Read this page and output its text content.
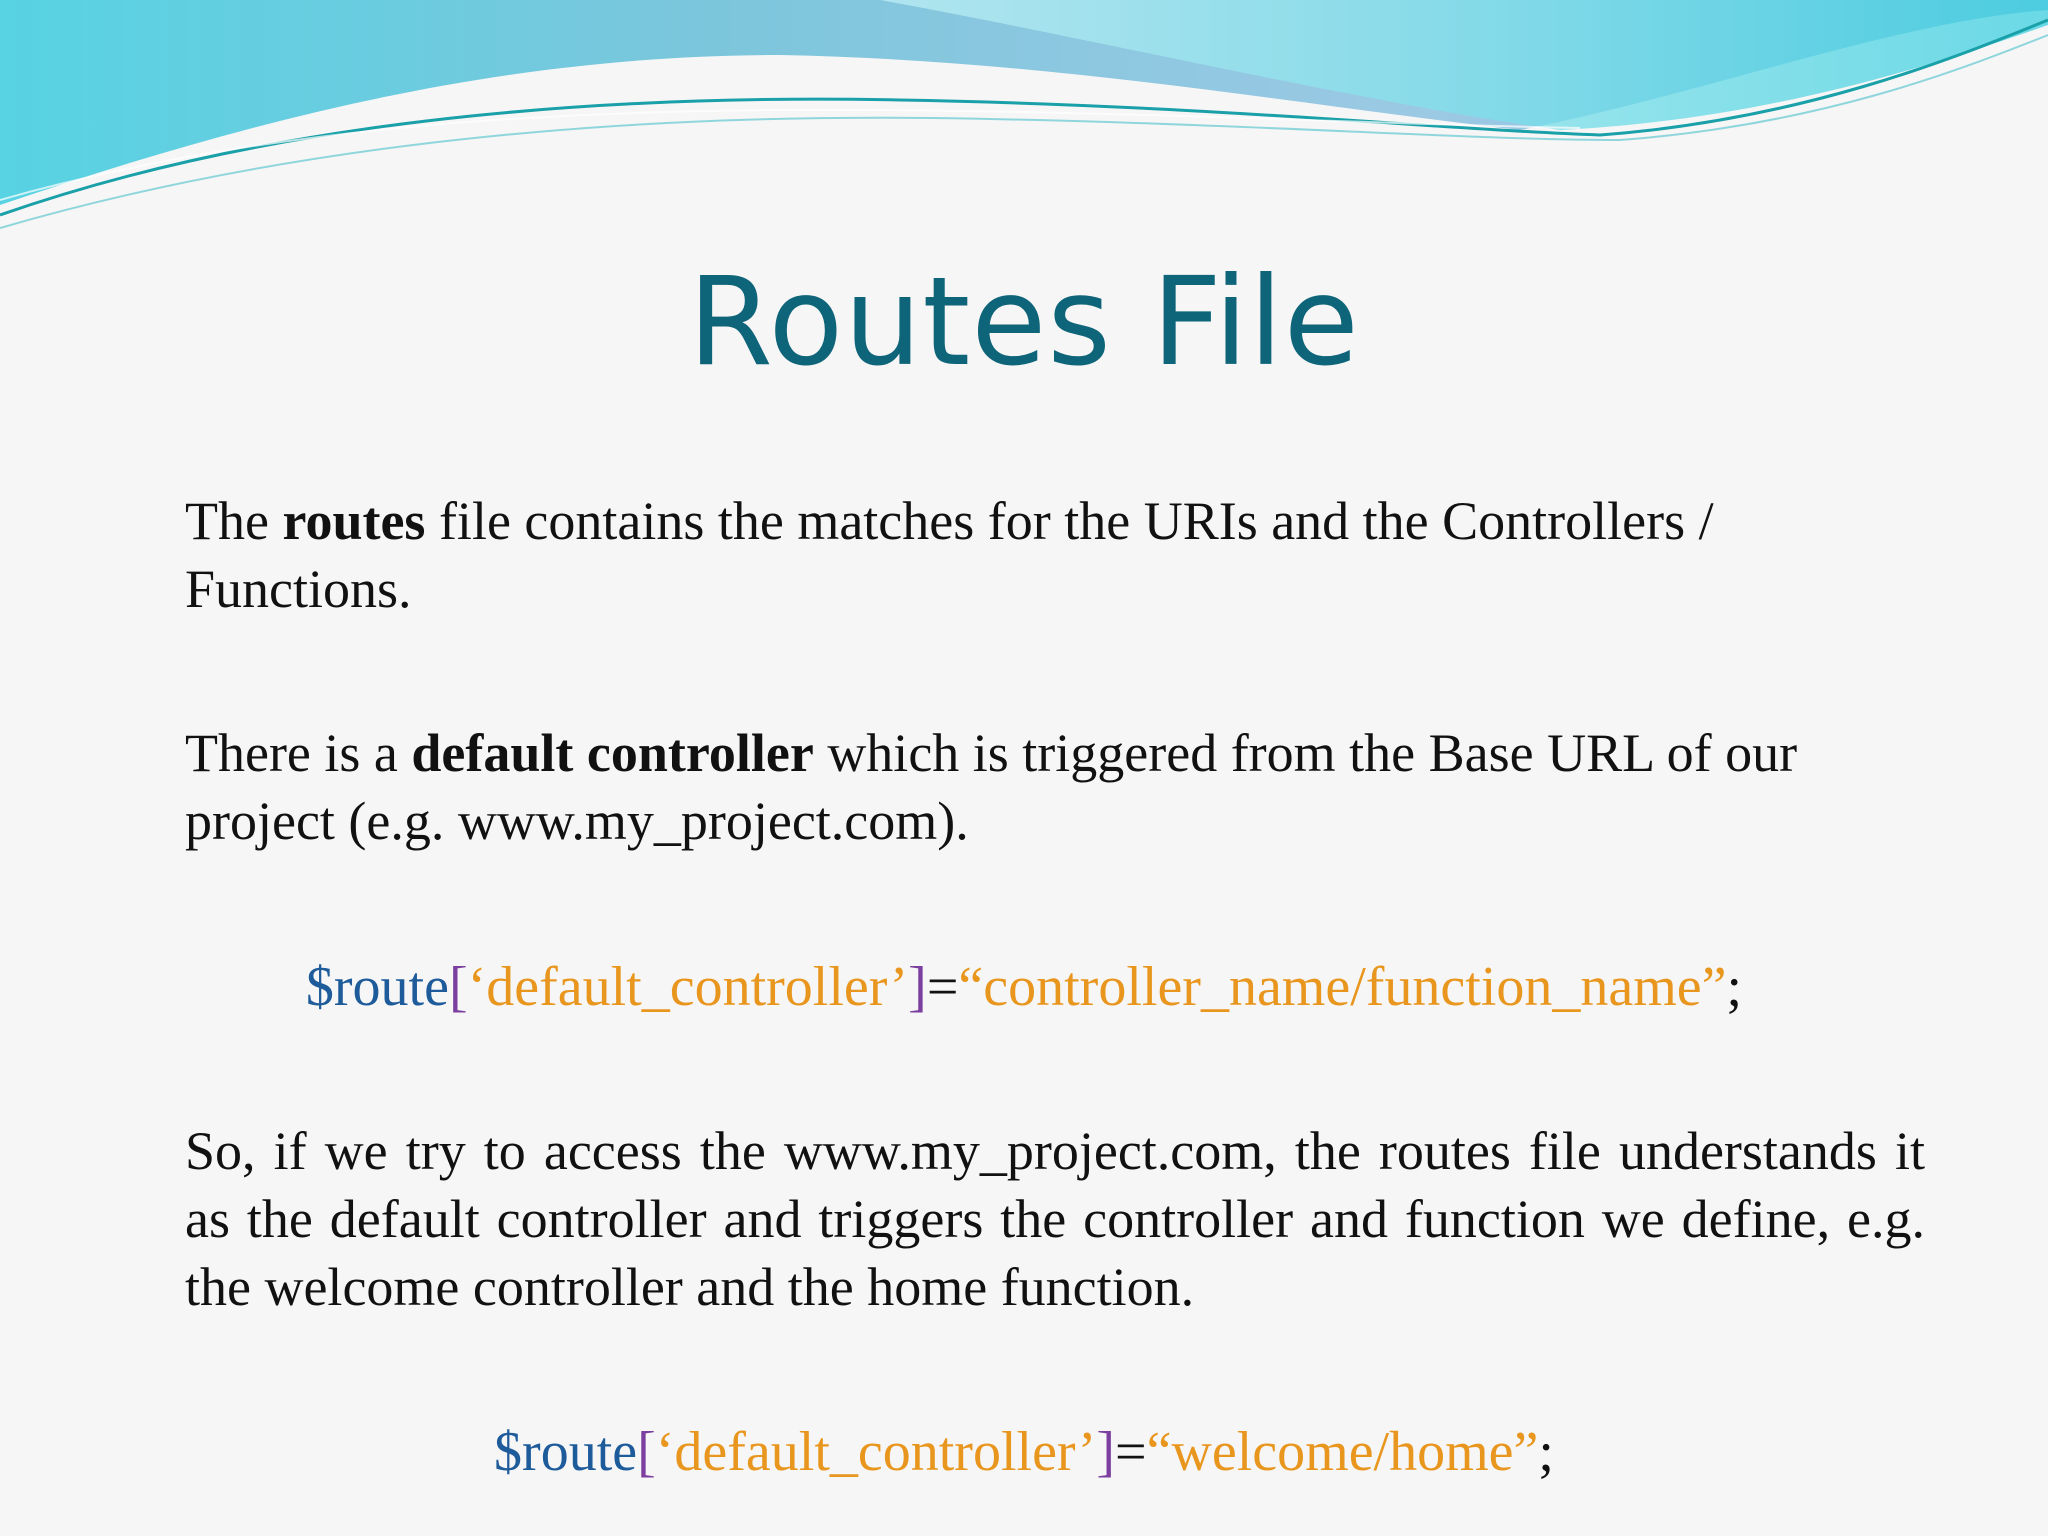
Routes File
The routes file contains the matches for the URIs and the Controllers / Functions.
There is a default controller which is triggered from the Base URL of our project (e.g. www.my_project.com).
$route[‘default_controller’]=“controller_name/function_name”;
So, if we try to access the www.my_project.com, the routes file understands it as the default controller and triggers the controller and function we define, e.g. the welcome controller and the home function.
$route[‘default_controller’]=“welcome/home”;
